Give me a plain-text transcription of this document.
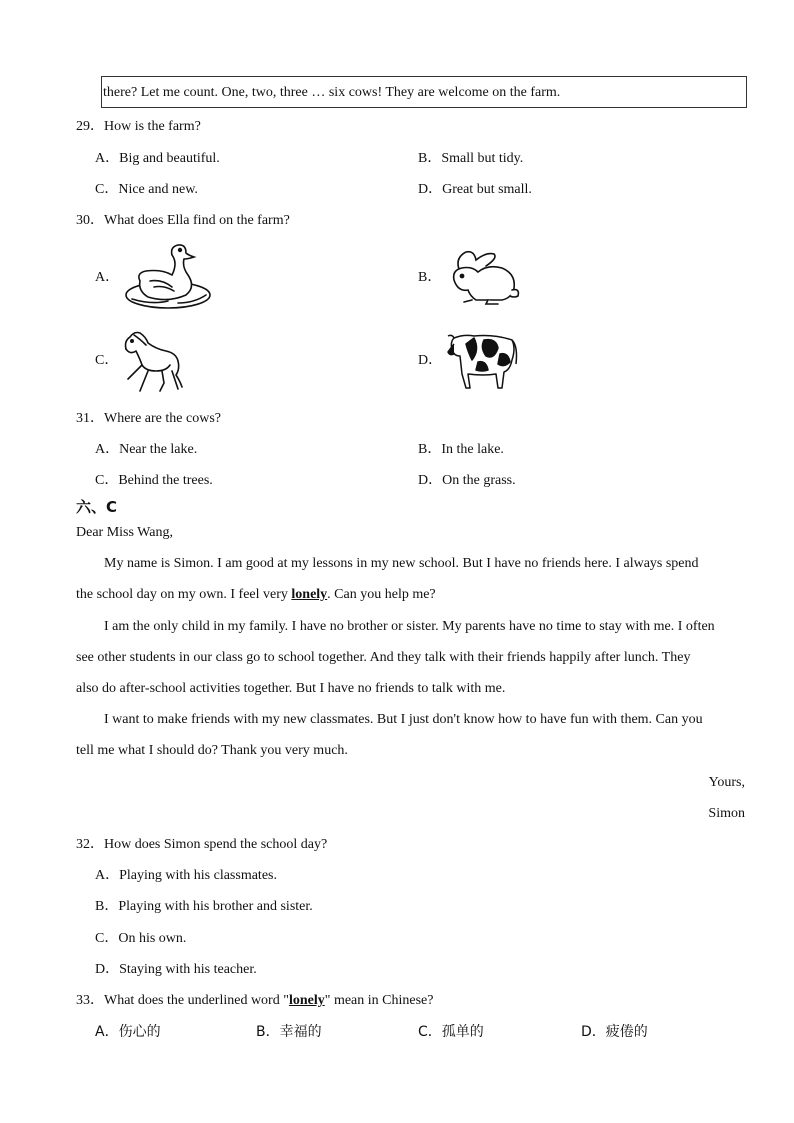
there? Let me count. One, two, three … six cows! They are welcome on the farm.
29．How is the farm?
A．Big and beautiful.	B．Small but tidy.
C．Nice and new.	D．Great but small.
30．What does Ella find on the farm?
A．	B．
C．	D．
31．Where are the cows?
A．Near the lake.	B．In the lake.
C．Behind the trees.	D．On the grass.
六、C
Dear Miss Wang,
My name is Simon. I am good at my lessons in my new school. But I have no friends here. I always spend
the school day on my own. I feel very lonely. Can you help me?
I am the only child in my family. I have no brother or sister. My parents have no time to stay with me. I often
see other students in our class go to school together. And they talk with their friends happily after lunch. They
also do after-school activities together. But I have no friends to talk with me.
I want to make friends with my new classmates. But I just don't know how to have fun with them. Can you
tell me what I should do? Thank you very much.
Yours,
Simon
32．How does Simon spend the school day?
A．Playing with his classmates.
B．Playing with his brother and sister.
C．On his own.
D．Staying with his teacher.
33．What does the underlined word "lonely" mean in Chinese?
A．伤心的	B．幸福的	C．孤单的	D．疲倦的
